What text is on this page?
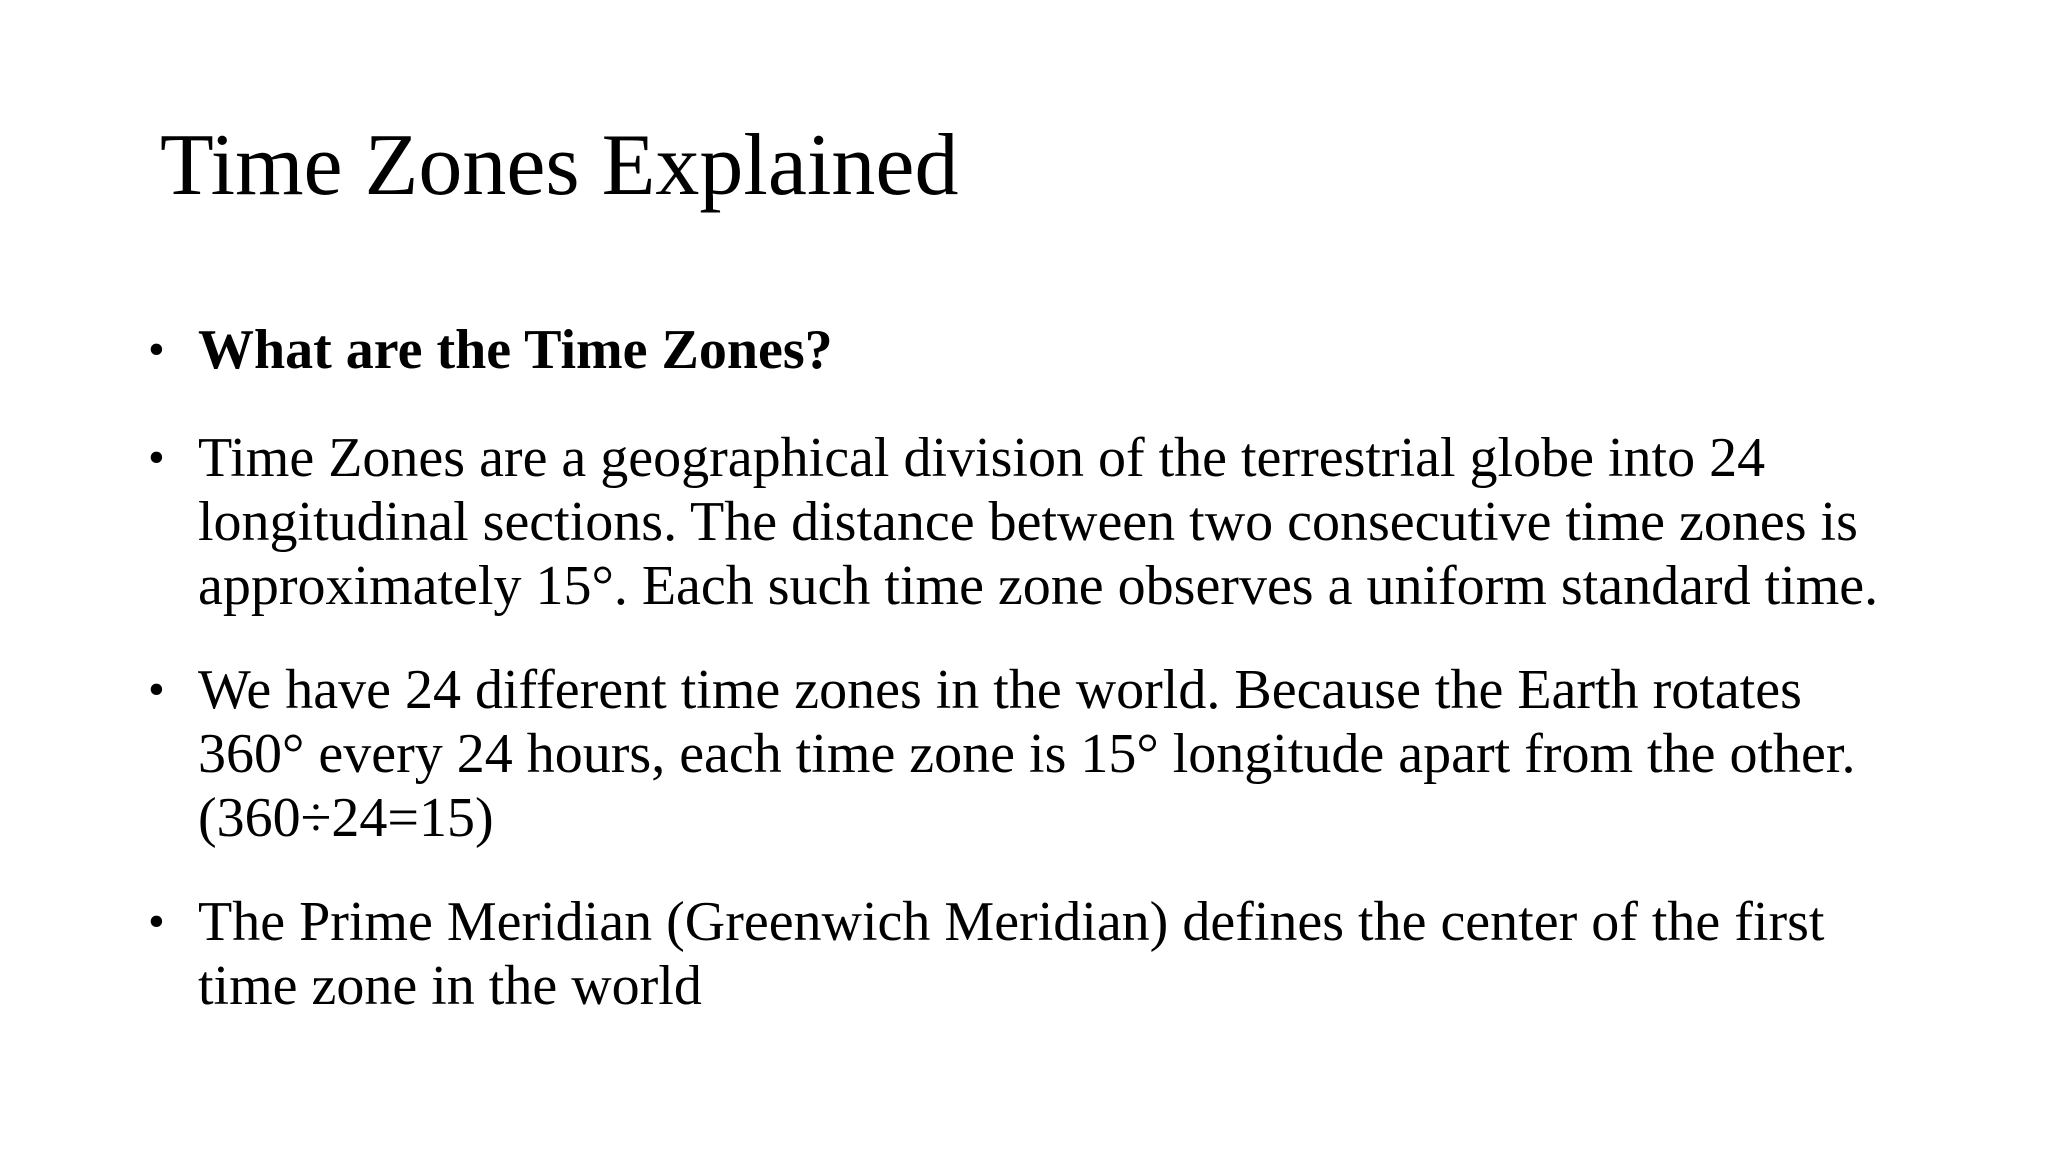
Time Zones Explained
• What are the Time Zones?
• Time Zones are a geographical division of the terrestrial globe into 24 longitudinal sections. The distance between two consecutive time zones is approximately 15°. Each such time zone observes a uniform standard time.
• We have 24 different time zones in the world. Because the Earth rotates 360° every 24 hours, each time zone is 15° longitude apart from the other. (360÷24=15)
• The Prime Meridian (Greenwich Meridian) defines the center of the first time zone in the world
